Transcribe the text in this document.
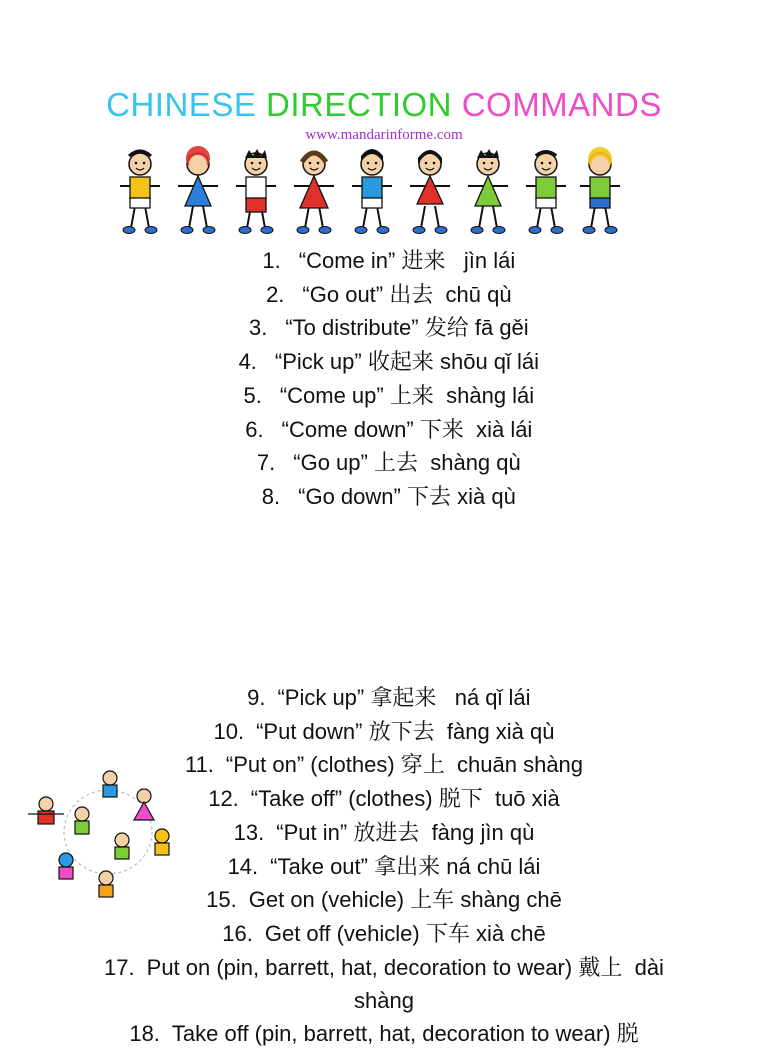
CHINESE DIRECTION COMMANDS
www.mandarinforme.com
1. “Come in” 进来 jìn lái
2. “Go out” 出去 chū qù
3. “To distribute” 发给 fā gěi
4. “Pick up” 收起来 shōu qǐ lái
5. “Come up” 上来 shàng lái
6. “Come down” 下来 xià lái
7. “Go up” 上去 shàng qù
8. “Go down” 下去 xià qù
9. “Pick up” 拿起来 ná qǐ lái
10. “Put down” 放下去 fàng xià qù
11. “Put on” (clothes) 穿上 chuān shàng
12. “Take off” (clothes) 脱下 tuō xià
13. “Put in” 放进去 fàng jìn qù
14. “Take out” 拿出来 ná chū lái
15. Get on (vehicle) 上车 shàng chē
16. Get off (vehicle) 下车 xià chē
17. Put on (pin, barrett, hat, decoration to wear) 戴上 dài shàng
18. Take off (pin, barrett, hat, decoration to wear) 脱
